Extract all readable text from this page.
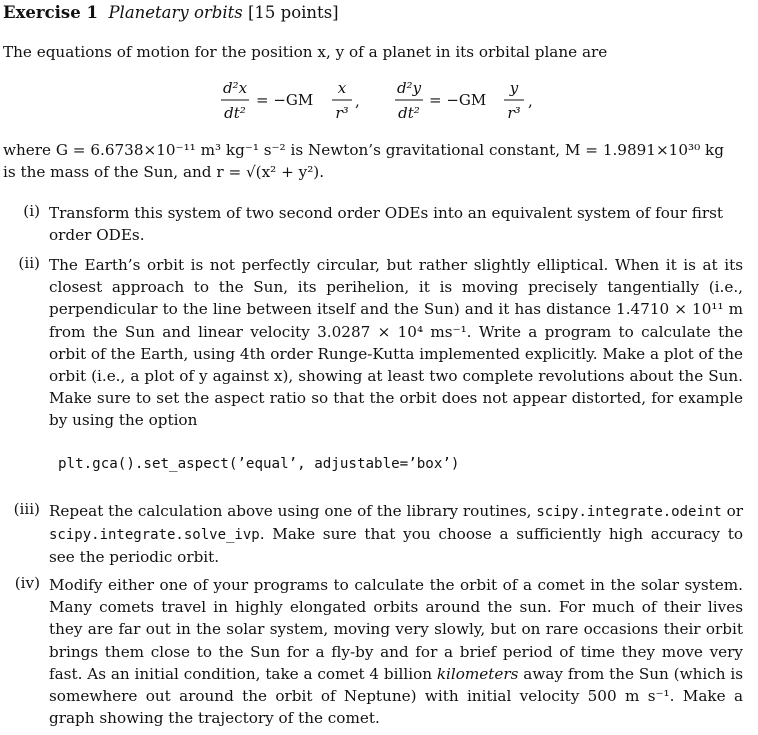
Exercise 1 Planetary orbits [15 points]
The equations of motion for the position x, y of a planet in its orbital plane are
d²x
dt²
= −GM
x
r³
,
d²y
dt²
= −GM
y
r³
,
where G = 6.6738×10⁻¹¹ m³ kg⁻¹ s⁻² is Newton’s gravitational constant, M = 1.9891×10³⁰ kg
is the mass of the Sun, and r = √(x² + y²).
(i) Transform this system of two second order ODEs into an equivalent system of four first order ODEs.
(ii) The Earth’s orbit is not perfectly circular, but rather slightly elliptical. When it is at its closest approach to the Sun, its perihelion, it is moving precisely tangentially (i.e., perpendicular to the line between itself and the Sun) and it has distance 1.4710 × 10¹¹ m from the Sun and linear velocity 3.0287 × 10⁴ ms⁻¹. Write a program to calculate the orbit of the Earth, using 4th order Runge-Kutta implemented explicitly. Make a plot of the orbit (i.e., a plot of y against x), showing at least two complete revolutions about the Sun. Make sure to set the aspect ratio so that the orbit does not appear distorted, for example by using the option
plt.gca().set_aspect(’equal’, adjustable=’box’)
(iii) Repeat the calculation above using one of the library routines, scipy.integrate.odeint or scipy.integrate.solve_ivp. Make sure that you choose a sufficiently high accuracy to see the periodic orbit.
(iv) Modify either one of your programs to calculate the orbit of a comet in the solar system. Many comets travel in highly elongated orbits around the sun. For much of their lives they are far out in the solar system, moving very slowly, but on rare occasions their orbit brings them close to the Sun for a fly-by and for a brief period of time they move very fast. As an initial condition, take a comet 4 billion kilometers away from the Sun (which is somewhere out around the orbit of Neptune) with initial velocity 500 m s⁻¹. Make a graph showing the trajectory of the comet.
